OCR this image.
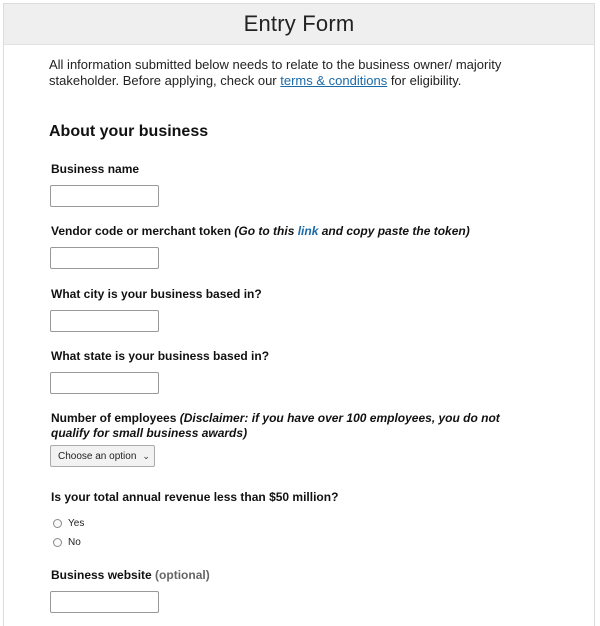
Entry Form
All information submitted below needs to relate to the business owner/ majority stakeholder. Before applying, check our terms & conditions for eligibility.
About your business
Business name
Vendor code or merchant token (Go to this link and copy paste the token)
What city is your business based in?
What state is your business based in?
Number of employees (Disclaimer: if you have over 100 employees, you do not qualify for small business awards)
Choose an option ⌄
Is your total annual revenue less than $50 million?
Yes
No
Business website (optional)
